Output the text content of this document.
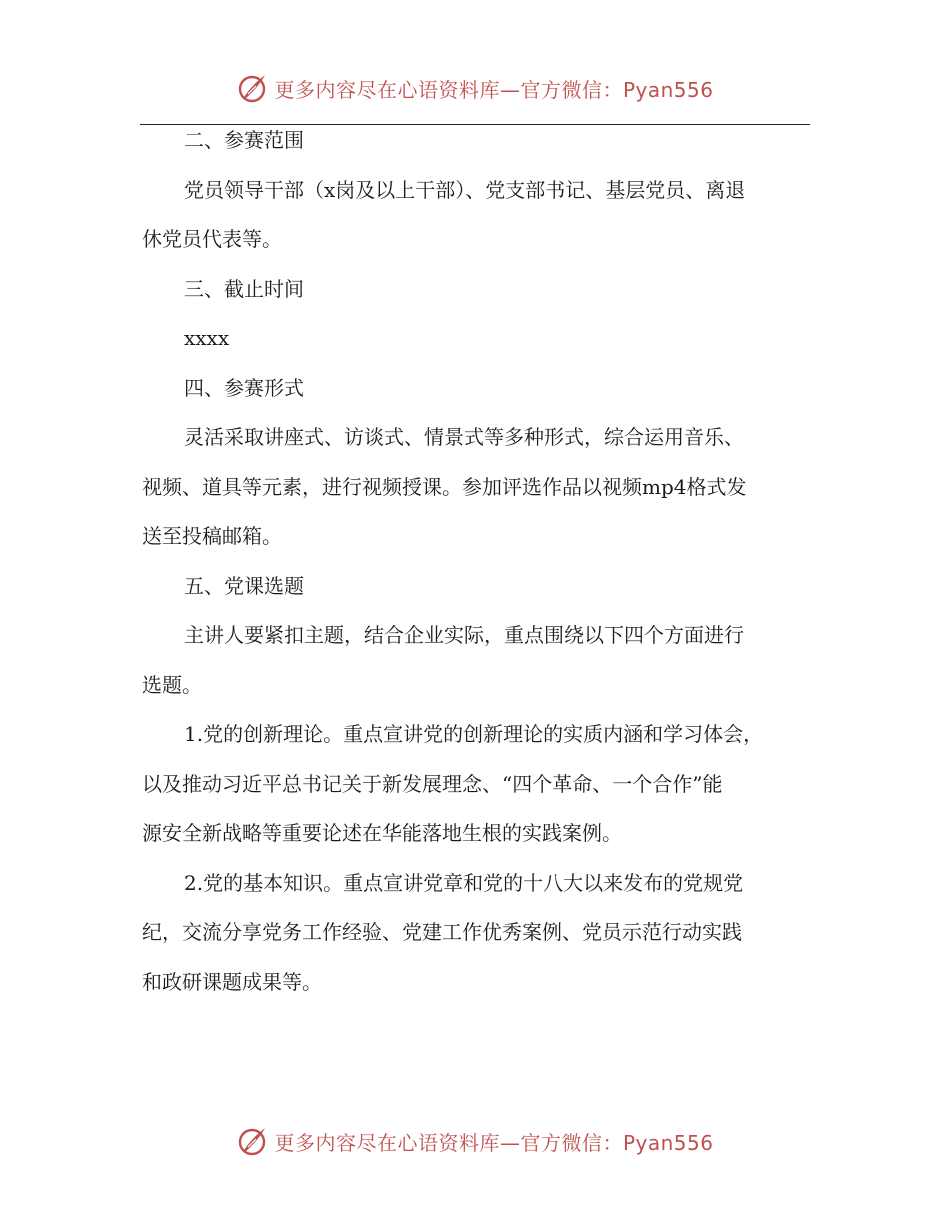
更多内容尽在心语资料库—官方微信：Pyan556

二、参赛范围

党员领导干部（x岗及以上干部）、党支部书记、基层党员、离退

休党员代表等。

三、截止时间

xxxx

四、参赛形式

灵活采取讲座式、访谈式、情景式等多种形式，综合运用音乐、

视频、道具等元素，进行视频授课。参加评选作品以视频mp4格式发

送至投稿邮箱。

五、党课选题

主讲人要紧扣主题，结合企业实际，重点围绕以下四个方面进行

选题。

1.党的创新理论。重点宣讲党的创新理论的实质内涵和学习体会，

以及推动习近平总书记关于新发展理念、“四个革命、一个合作”能

源安全新战略等重要论述在华能落地生根的实践案例。

2.党的基本知识。重点宣讲党章和党的十八大以来发布的党规党

纪，交流分享党务工作经验、党建工作优秀案例、党员示范行动实践

和政研课题成果等。

更多内容尽在心语资料库—官方微信：Pyan556
